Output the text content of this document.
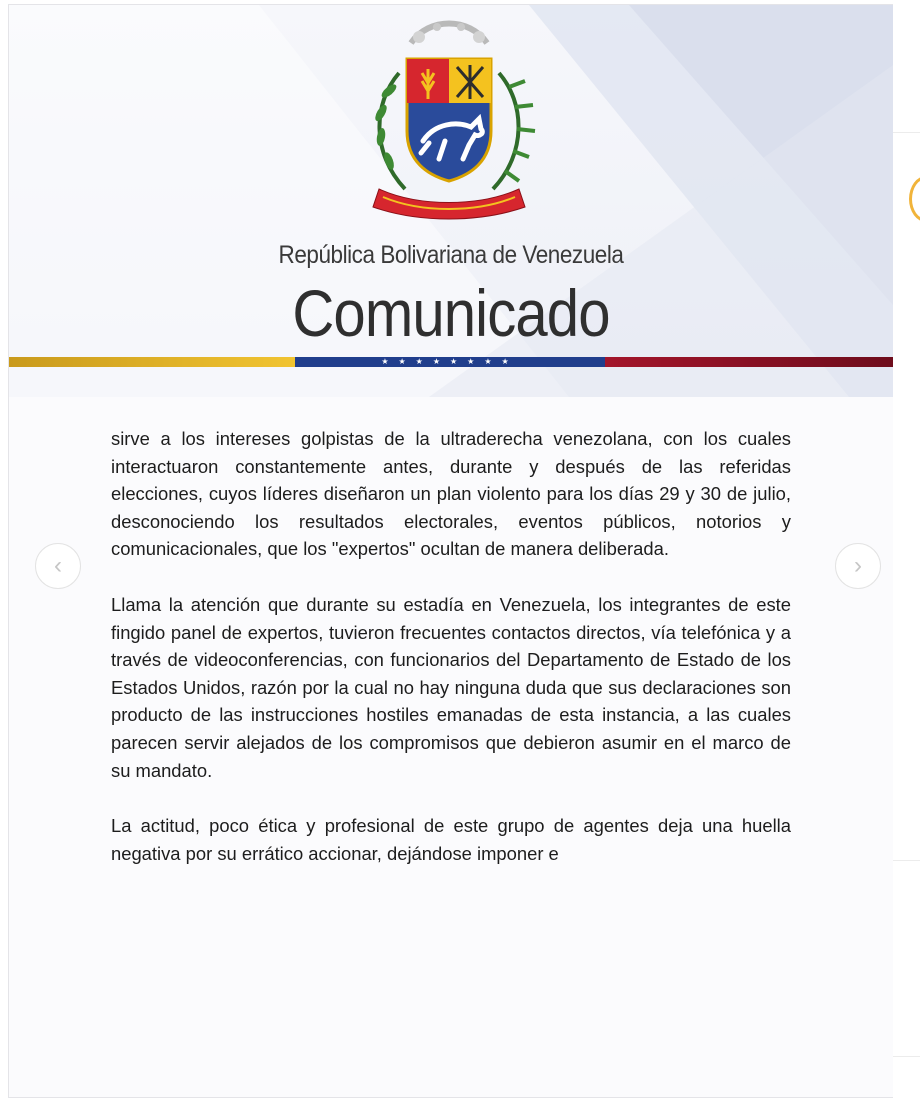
República Bolivariana de Venezuela
Comunicado
★★★★★★★★

sirve a los intereses golpistas de la ultraderecha venezolana, con los cuales interactuaron constantemente antes, durante y después de las referidas elecciones, cuyos líderes diseñaron un plan violento para los días 29 y 30 de julio, desconociendo los resultados electorales, eventos públicos, notorios y comunicacionales, que los "expertos" ocultan de manera deliberada.

Llama la atención que durante su estadía en Venezuela, los integrantes de este fingido panel de expertos, tuvieron frecuentes contactos directos, vía telefónica y a través de videoconferencias, con funcionarios del Departamento de Estado de los Estados Unidos, razón por la cual no hay ninguna duda que sus declaraciones son producto de las instrucciones hostiles emanadas de esta instancia, a las cuales parecen servir alejados de los compromisos que debieron asumir en el marco de su mandato.

La actitud, poco ética y profesional de este grupo de agentes deja una huella negativa por su errático accionar, dejándose imponer e

‹	›
